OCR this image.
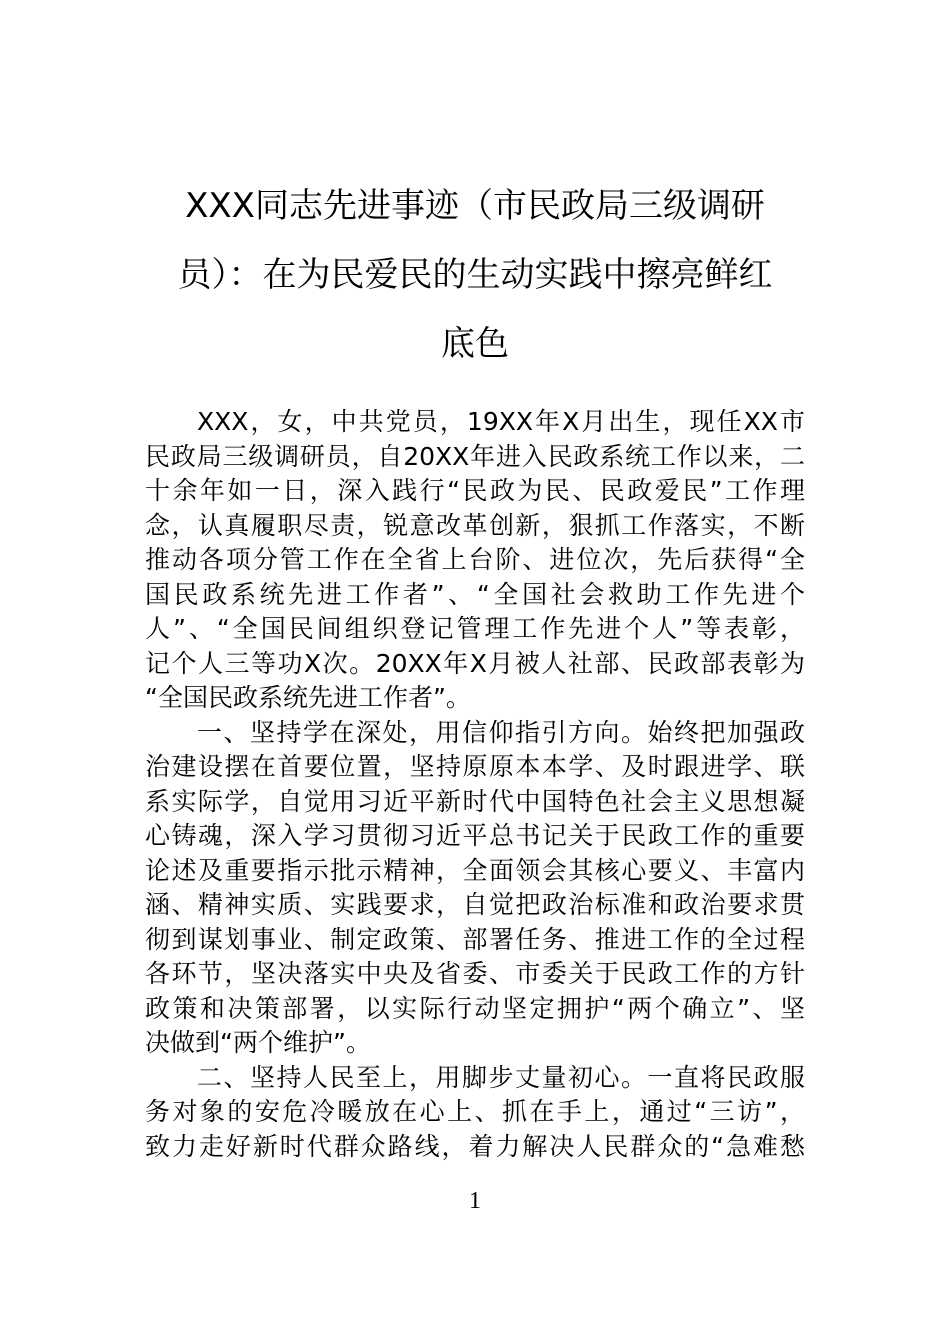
XXX同志先进事迹（市民政局三级调研
员）：在为民爱民的生动实践中擦亮鲜红
底色
XXX，女，中共党员，19XX年X月出生，现任XX市
民政局三级调研员，自20XX年进入民政系统工作以来，二
十余年如一日，深入践行“民政为民、民政爱民”工作理
念，认真履职尽责，锐意改革创新，狠抓工作落实，不断
推动各项分管工作在全省上台阶、进位次，先后获得“全
国民政系统先进工作者”、“全国社会救助工作先进个
人”、“全国民间组织登记管理工作先进个人”等表彰，
记个人三等功X次。20XX年X月被人社部、民政部表彰为
“全国民政系统先进工作者”。
一、坚持学在深处，用信仰指引方向。始终把加强政
治建设摆在首要位置，坚持原原本本学、及时跟进学、联
系实际学，自觉用习近平新时代中国特色社会主义思想凝
心铸魂，深入学习贯彻习近平总书记关于民政工作的重要
论述及重要指示批示精神，全面领会其核心要义、丰富内
涵、精神实质、实践要求，自觉把政治标准和政治要求贯
彻到谋划事业、制定政策、部署任务、推进工作的全过程
各环节，坚决落实中央及省委、市委关于民政工作的方针
政策和决策部署，以实际行动坚定拥护“两个确立”、坚
决做到“两个维护”。
二、坚持人民至上，用脚步丈量初心。一直将民政服
务对象的安危冷暖放在心上、抓在手上，通过“三访”，
致力走好新时代群众路线，着力解决人民群众的“急难愁
1
